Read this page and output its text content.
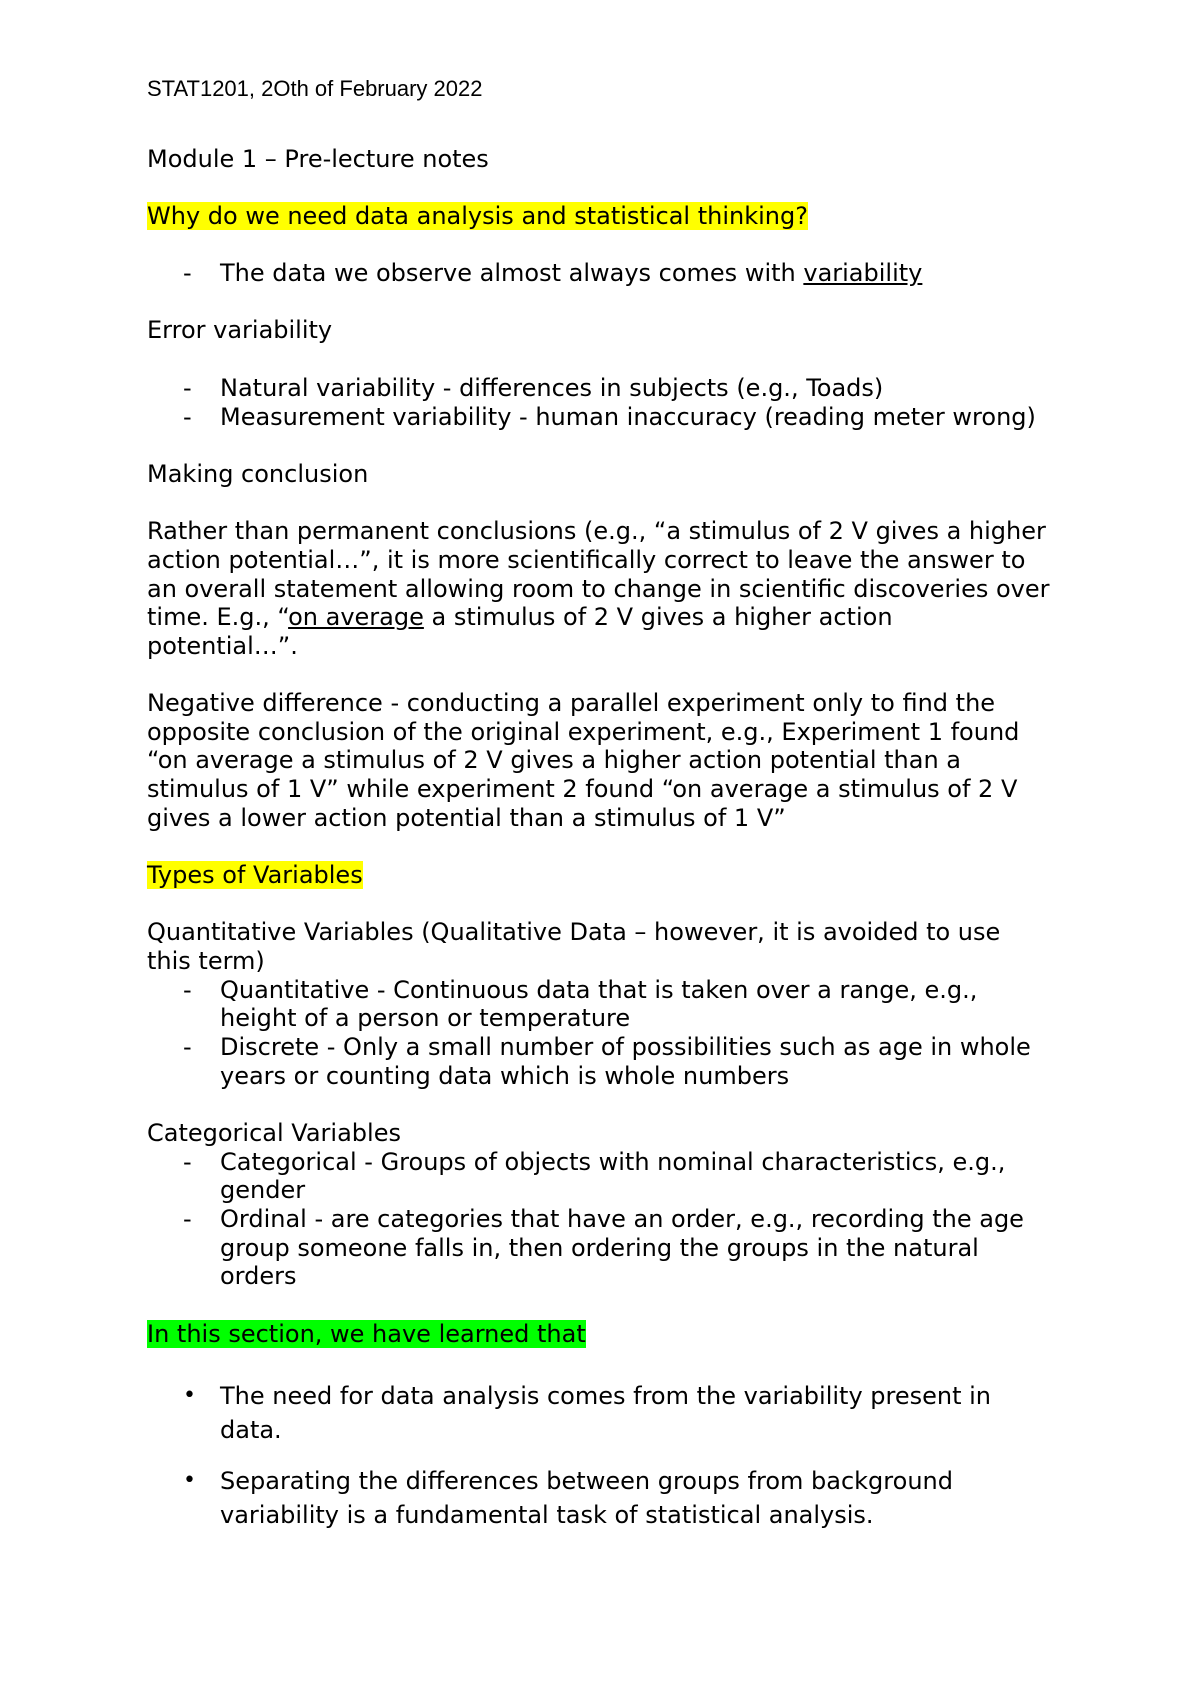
STAT1201, 2Oth of February 2022
Module 1 – Pre-lecture notes
Why do we need data analysis and statistical thinking?
- The data we observe almost always comes with variability
Error variability
- Natural variability - differences in subjects (e.g., Toads)
- Measurement variability - human inaccuracy (reading meter wrong)
Making conclusion
Rather than permanent conclusions (e.g., “a stimulus of 2 V gives a higher
action potential…”, it is more scientifically correct to leave the answer to
an overall statement allowing room to change in scientific discoveries over
time. E.g., “on average a stimulus of 2 V gives a higher action
potential…”.
Negative difference - conducting a parallel experiment only to find the
opposite conclusion of the original experiment, e.g., Experiment 1 found
“on average a stimulus of 2 V gives a higher action potential than a
stimulus of 1 V” while experiment 2 found “on average a stimulus of 2 V
gives a lower action potential than a stimulus of 1 V”
Types of Variables
Quantitative Variables (Qualitative Data – however, it is avoided to use
this term)
- Quantitative - Continuous data that is taken over a range, e.g.,
height of a person or temperature
- Discrete - Only a small number of possibilities such as age in whole
years or counting data which is whole numbers
Categorical Variables
- Categorical - Groups of objects with nominal characteristics, e.g.,
gender
- Ordinal - are categories that have an order, e.g., recording the age
group someone falls in, then ordering the groups in the natural
orders
In this section, we have learned that
• The need for data analysis comes from the variability present in
data.
• Separating the differences between groups from background
variability is a fundamental task of statistical analysis.
